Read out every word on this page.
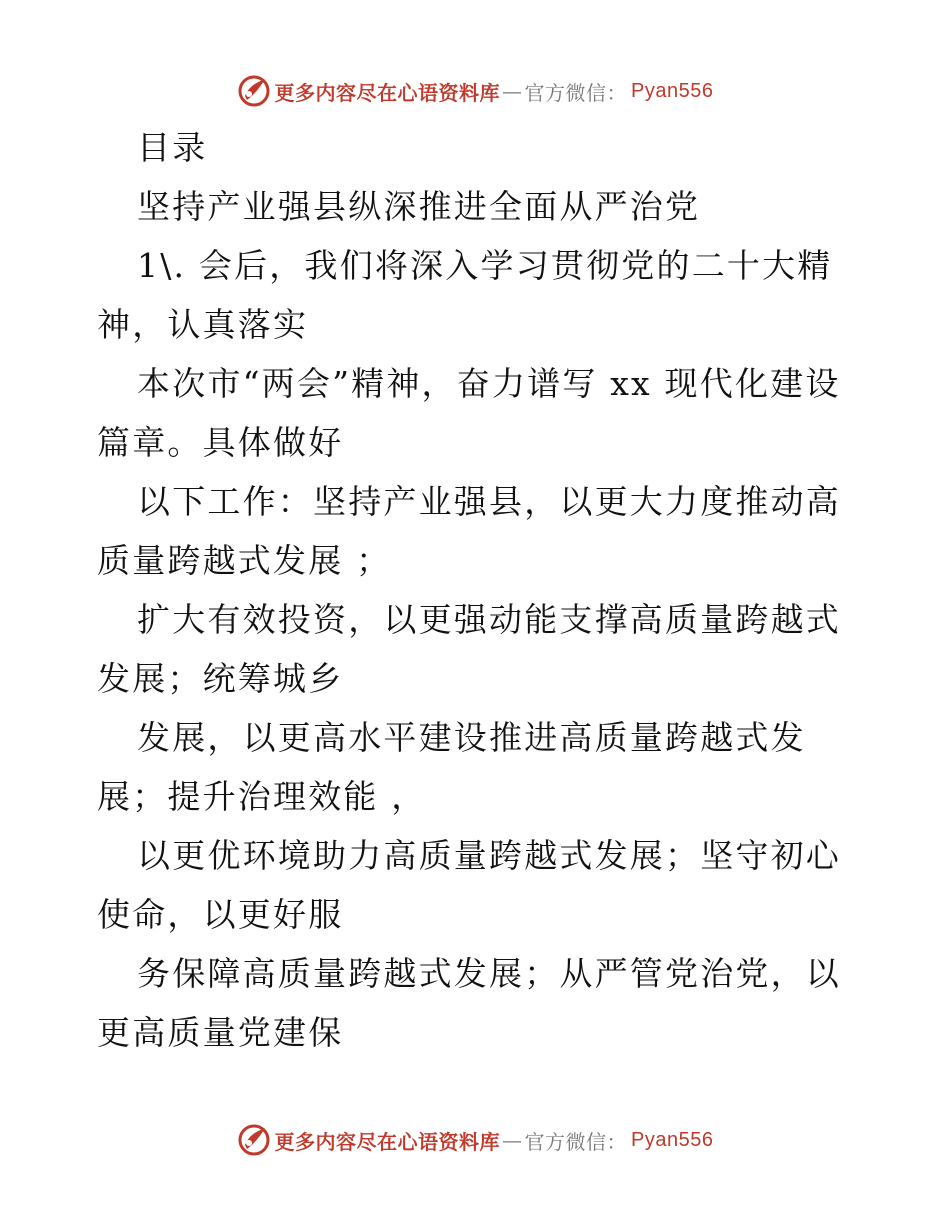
更多内容尽在心语资料库 — 官方微信： Pyan556

目录

坚持产业强县纵深推进全面从严治党

1\. 会后，我们将深入学习贯彻党的二十大精神，认真落实

本次市“两会”精神，奋力谱写 xx 现代化建设篇章。具体做好

以下工作：坚持产业强县，以更大力度推动高质量跨越式发展 ；

扩大有效投资，以更强动能支撑高质量跨越式发展；统筹城乡

发展，以更高水平建设推进高质量跨越式发展；提升治理效能 ，

以更优环境助力高质量跨越式发展；坚守初心使命，以更好服

务保障高质量跨越式发展；从严管党治党，以更高质量党建保

更多内容尽在心语资料库 — 官方微信： Pyan556
